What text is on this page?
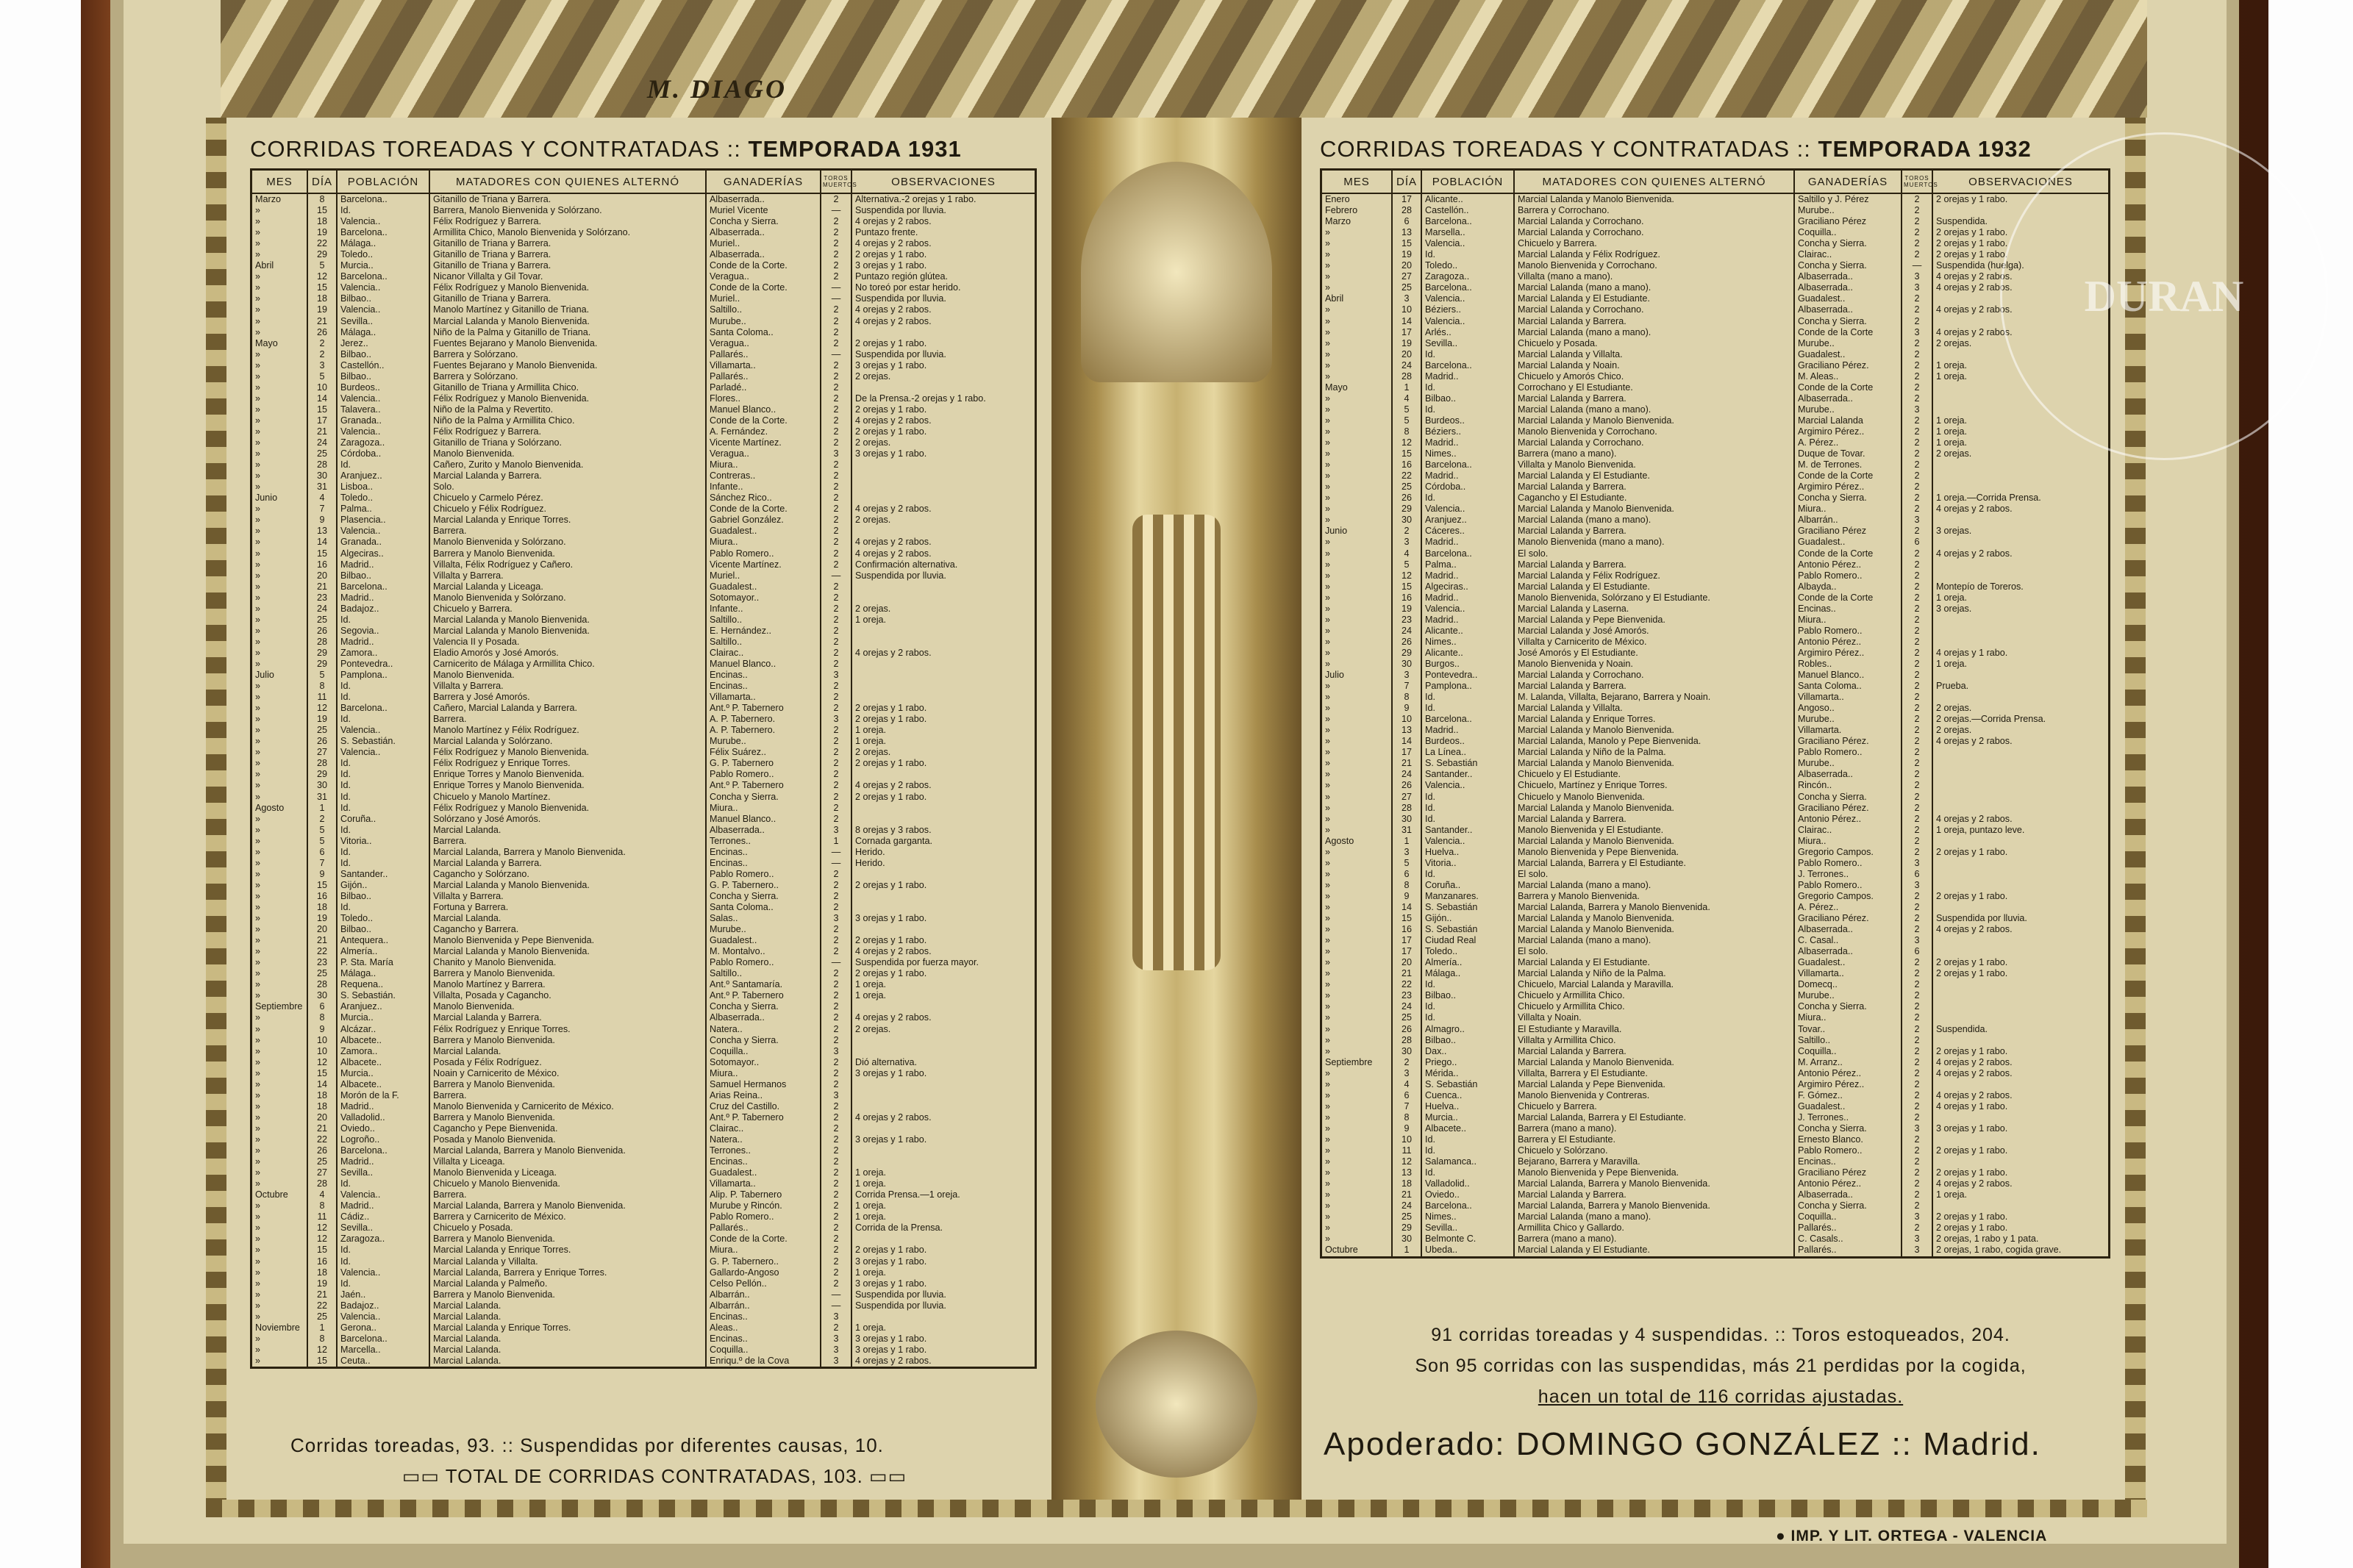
M. DIAGO
CORRIDAS TOREADAS Y CONTRATADAS :: TEMPORADA 1931
MES	DÍA	POBLACIÓN	MATADORES CON QUIENES ALTERNÓ	GANADERÍAS	TOROS MUERTOS	OBSERVACIONES
Marzo	8	Barcelona..	Gitanillo de Triana y Barrera.	Albaserrada..	2	Alternativa.-2 orejas y 1 rabo.
»	15	Id.	Barrera, Manolo Bienvenida y Solórzano.	Muriel Vicente	—	Suspendida por lluvia.
»	18	Valencia..	Félix Rodríguez y Barrera.	Concha y Sierra.	2	4 orejas y 2 rabos.
»	19	Barcelona..	Armillita Chico, Manolo Bienvenida y Solórzano.	Albaserrada..	2	Puntazo frente.
»	22	Málaga..	Gitanillo de Triana y Barrera.	Muriel..	2	4 orejas y 2 rabos.
»	29	Toledo..	Gitanillo de Triana y Barrera.	Albaserrada..	2	2 orejas y 1 rabo.
Abril	5	Murcia..	Gitanillo de Triana y Barrera.	Conde de la Corte.	2	3 orejas y 1 rabo.
»	12	Barcelona..	Nicanor Villalta y Gil Tovar.	Veragua..	2	Puntazo región glútea.
»	15	Valencia..	Félix Rodríguez y Manolo Bienvenida.	Conde de la Corte.	—	No toreó por estar herido.
»	18	Bilbao..	Gitanillo de Triana y Barrera.	Muriel..	—	Suspendida por lluvia.
»	19	Valencia..	Manolo Martínez y Gitanillo de Triana.	Saltillo..	2	4 orejas y 2 rabos.
»	21	Sevilla..	Marcial Lalanda y Manolo Bienvenida.	Murube..	2	4 orejas y 2 rabos.
»	26	Málaga..	Niño de la Palma y Gitanillo de Triana.	Santa Coloma..	2	
Mayo	2	Jerez..	Fuentes Bejarano y Manolo Bienvenida.	Veragua..	2	2 orejas y 1 rabo.
»	2	Bilbao..	Barrera y Solórzano.	Pallarés..	—	Suspendida por lluvia.
»	3	Castellón..	Fuentes Bejarano y Manolo Bienvenida.	Villamarta..	2	3 orejas y 1 rabo.
»	5	Bilbao..	Barrera y Solórzano.	Pallarés..	2	2 orejas.
»	10	Burdeos..	Gitanillo de Triana y Armillita Chico.	Parladé..	2	
»	14	Valencia..	Félix Rodríguez y Manolo Bienvenida.	Flores..	2	De la Prensa.-2 orejas y 1 rabo.
»	15	Talavera..	Niño de la Palma y Revertito.	Manuel Blanco..	2	2 orejas y 1 rabo.
»	17	Granada..	Niño de la Palma y Armillita Chico.	Conde de la Corte.	2	4 orejas y 2 rabos.
»	21	Valencia..	Félix Rodríguez y Barrera.	A. Fernández.	2	2 orejas y 1 rabo.
»	24	Zaragoza..	Gitanillo de Triana y Solórzano.	Vicente Martínez.	2	2 orejas.
»	25	Córdoba..	Manolo Bienvenida.	Veragua..	3	3 orejas y 1 rabo.
»	28	Id.	Cañero, Zurito y Manolo Bienvenida.	Miura..	2	
»	30	Aranjuez..	Marcial Lalanda y Barrera.	Contreras..	2	
»	31	Lisboa..	Solo.	Infante..	2	
Junio	4	Toledo..	Chicuelo y Carmelo Pérez.	Sánchez Rico..	2	
»	7	Palma..	Chicuelo y Félix Rodríguez.	Conde de la Corte.	2	4 orejas y 2 rabos.
»	9	Plasencia..	Marcial Lalanda y Enrique Torres.	Gabriel González.	2	2 orejas.
»	13	Valencia..	Barrera.	Guadalest..	2	
»	14	Granada..	Manolo Bienvenida y Solórzano.	Miura..	2	4 orejas y 2 rabos.
»	15	Algeciras..	Barrera y Manolo Bienvenida.	Pablo Romero..	2	4 orejas y 2 rabos.
»	16	Madrid..	Villalta, Félix Rodríguez y Cañero.	Vicente Martínez.	2	Confirmación alternativa.
»	20	Bilbao..	Villalta y Barrera.	Muriel..	—	Suspendida por lluvia.
»	21	Barcelona..	Marcial Lalanda y Liceaga.	Guadalest..	2	
»	23	Madrid..	Manolo Bienvenida y Solórzano.	Sotomayor..	2	
»	24	Badajoz..	Chicuelo y Barrera.	Infante..	2	2 orejas.
»	25	Id.	Marcial Lalanda y Manolo Bienvenida.	Saltillo..	2	1 oreja.
»	26	Segovia..	Marcial Lalanda y Manolo Bienvenida.	E. Hernández..	2	
»	28	Madrid..	Valencia II y Posada.	Saltillo..	2	
»	29	Zamora..	Eladio Amorós y José Amorós.	Clairac..	2	4 orejas y 2 rabos.
»	29	Pontevedra..	Carnicerito de Málaga y Armillita Chico.	Manuel Blanco..	2	
Julio	5	Pamplona..	Manolo Bienvenida.	Encinas..	3	
»	8	Id.	Villalta y Barrera.	Encinas..	2	
»	11	Id.	Barrera y José Amorós.	Villamarta..	2	
»	12	Barcelona..	Cañero, Marcial Lalanda y Barrera.	Ant.º P. Tabernero	2	2 orejas y 1 rabo.
»	19	Id.	Barrera.	A. P. Tabernero.	3	2 orejas y 1 rabo.
»	25	Valencia..	Manolo Martínez y Félix Rodríguez.	A. P. Tabernero.	2	1 oreja.
»	26	S. Sebastián.	Marcial Lalanda y Solórzano.	Murube..	2	1 oreja.
»	27	Valencia..	Félix Rodríguez y Manolo Bienvenida.	Félix Suárez..	2	2 orejas.
»	28	Id.	Félix Rodríguez y Enrique Torres.	G. P. Tabernero	2	2 orejas y 1 rabo.
»	29	Id.	Enrique Torres y Manolo Bienvenida.	Pablo Romero..	2	
»	30	Id.	Enrique Torres y Manolo Bienvenida.	Ant.º P. Tabernero	2	4 orejas y 2 rabos.
»	31	Id.	Chicuelo y Manolo Martínez.	Concha y Sierra.	2	2 orejas y 1 rabo.
Agosto	1	Id.	Félix Rodríguez y Manolo Bienvenida.	Miura..	2	
»	2	Coruña..	Solórzano y José Amorós.	Manuel Blanco..	2	
»	5	Id.	Marcial Lalanda.	Albaserrada..	3	8 orejas y 3 rabos.
»	5	Vitoria..	Barrera.	Terrones..	1	Cornada garganta.
»	6	Id.	Marcial Lalanda, Barrera y Manolo Bienvenida.	Encinas..	—	Herido.
»	7	Id.	Marcial Lalanda y Barrera.	Encinas..	—	Herido.
»	9	Santander..	Cagancho y Solórzano.	Pablo Romero..	2	
»	15	Gijón..	Marcial Lalanda y Manolo Bienvenida.	G. P. Tabernero..	2	2 orejas y 1 rabo.
»	16	Bilbao..	Villalta y Barrera.	Concha y Sierra.	2	
»	18	Id.	Fortuna y Barrera.	Santa Coloma..	2	
»	19	Toledo..	Marcial Lalanda.	Salas..	3	3 orejas y 1 rabo.
»	20	Bilbao..	Cagancho y Barrera.	Murube..	2	
»	21	Antequera..	Manolo Bienvenida y Pepe Bienvenida.	Guadalest..	2	2 orejas y 1 rabo.
»	22	Almería..	Marcial Lalanda y Manolo Bienvenida.	M. Montalvo..	2	4 orejas y 2 rabos.
»	23	P. Sta. María	Chanito y Manolo Bienvenida.	Pablo Romero..	—	Suspendida por fuerza mayor.
»	25	Málaga..	Barrera y Manolo Bienvenida.	Saltillo..	2	2 orejas y 1 rabo.
»	28	Requena..	Manolo Martínez y Barrera.	Ant.º Santamaría.	2	1 oreja.
»	30	S. Sebastián.	Villalta, Posada y Cagancho.	Ant.º P. Tabernero	2	1 oreja.
Septiembre	6	Aranjuez..	Manolo Bienvenida.	Concha y Sierra.	2	
»	8	Murcia..	Marcial Lalanda y Barrera.	Albaserrada..	2	4 orejas y 2 rabos.
»	9	Alcázar..	Félix Rodríguez y Enrique Torres.	Natera..	2	2 orejas.
»	10	Albacete..	Barrera y Manolo Bienvenida.	Concha y Sierra.	2	
»	10	Zamora..	Marcial Lalanda.	Coquilla..	3	
»	12	Albacete..	Posada y Félix Rodríguez.	Sotomayor..	2	Dió alternativa.
»	15	Murcia..	Noain y Carnicerito de México.	Miura..	2	3 orejas y 1 rabo.
»	14	Albacete..	Barrera y Manolo Bienvenida.	Samuel Hermanos	2	
»	18	Morón de la F.	Barrera.	Arias Reina..	3	
»	18	Madrid..	Manolo Bienvenida y Carnicerito de México.	Cruz del Castillo.	2	
»	20	Valladolid..	Barrera y Manolo Bienvenida.	Ant.º P. Tabernero	2	4 orejas y 2 rabos.
»	21	Oviedo..	Cagancho y Pepe Bienvenida.	Clairac..	2	
»	22	Logroño..	Posada y Manolo Bienvenida.	Natera..	2	3 orejas y 1 rabo.
»	26	Barcelona..	Marcial Lalanda, Barrera y Manolo Bienvenida.	Terrones..	2	
»	25	Madrid..	Villalta y Liceaga.	Encinas..	2	
»	27	Sevilla..	Manolo Bienvenida y Liceaga.	Guadalest..	2	1 oreja.
»	28	Id.	Chicuelo y Manolo Bienvenida.	Villamarta..	2	1 oreja.
Octubre	4	Valencia..	Barrera.	Alip. P. Tabernero	2	Corrida Prensa.—1 oreja.
»	8	Madrid..	Marcial Lalanda, Barrera y Manolo Bienvenida.	Murube y Rincón.	2	1 oreja.
»	11	Cádiz..	Barrera y Carnicerito de México.	Pablo Romero..	2	1 oreja.
»	12	Sevilla..	Chicuelo y Posada.	Pallarés..	2	Corrida de la Prensa.
»	12	Zaragoza..	Barrera y Manolo Bienvenida.	Conde de la Corte.	2	
»	15	Id.	Marcial Lalanda y Enrique Torres.	Miura..	2	2 orejas y 1 rabo.
»	16	Id.	Marcial Lalanda y Villalta.	G. P. Tabernero..	2	3 orejas y 1 rabo.
»	18	Valencia..	Marcial Lalanda, Barrera y Enrique Torres.	Gallardo-Angoso	2	1 oreja.
»	19	Id.	Marcial Lalanda y Palmeño.	Celso Pellón..	2	3 orejas y 1 rabo.
»	21	Jaén..	Barrera y Manolo Bienvenida.	Albarrán..	—	Suspendida por lluvia.
»	22	Badajoz..	Marcial Lalanda.	Albarrán..	—	Suspendida por lluvia.
»	25	Valencia..	Marcial Lalanda.	Encinas..	3	
Noviembre	1	Gerona..	Marcial Lalanda y Enrique Torres.	Aleas..	2	1 oreja.
»	8	Barcelona..	Marcial Lalanda.	Encinas..	3	3 orejas y 1 rabo.
»	12	Marcella..	Marcial Lalanda.	Coquilla..	3	3 orejas y 1 rabo.
»	15	Ceuta..	Marcial Lalanda.	Enriqu.º de la Cova	3	4 orejas y 2 rabos.
Corridas toreadas, 93. :: Suspendidas por diferentes causas, 10.
▭▭ TOTAL DE CORRIDAS CONTRATADAS, 103. ▭▭
CORRIDAS TOREADAS Y CONTRATADAS :: TEMPORADA 1932
MES	DÍA	POBLACIÓN	MATADORES CON QUIENES ALTERNÓ	GANADERÍAS	TOROS MUERTOS	OBSERVACIONES
Enero	17	Alicante..	Marcial Lalanda y Manolo Bienvenida.	Saltillo y J. Pérez	2	2 orejas y 1 rabo.
Febrero	28	Castellón..	Barrera y Corrochano.	Murube..	2	
Marzo	6	Barcelona..	Marcial Lalanda y Corrochano.	Graciliano Pérez	2	Suspendida.
»	13	Marsella..	Marcial Lalanda y Corrochano.	Coquilla..	2	2 orejas y 1 rabo.
»	15	Valencia..	Chicuelo y Barrera.	Concha y Sierra.	2	2 orejas y 1 rabo.
»	19	Id.	Marcial Lalanda y Félix Rodríguez.	Clairac..	2	2 orejas y 1 rabo.
»	20	Toledo..	Manolo Bienvenida y Corrochano.	Concha y Sierra.	—	Suspendida (huelga).
»	27	Zaragoza..	Villalta (mano a mano).	Albaserrada..	3	4 orejas y 2 rabos.
»	25	Barcelona..	Marcial Lalanda (mano a mano).	Albaserrada..	3	4 orejas y 2 rabos.
Abril	3	Valencia..	Marcial Lalanda y El Estudiante.	Guadalest..	2	
»	10	Béziers..	Marcial Lalanda y Corrochano.	Albaserrada..	2	4 orejas y 2 rabos.
»	14	Valencia..	Marcial Lalanda y Barrera.	Concha y Sierra.	2	
»	17	Arlés..	Marcial Lalanda (mano a mano).	Conde de la Corte	3	4 orejas y 2 rabos.
»	19	Sevilla..	Chicuelo y Posada.	Murube..	2	2 orejas.
»	20	Id.	Marcial Lalanda y Villalta.	Guadalest..	2	
»	24	Barcelona..	Marcial Lalanda y Noain.	Graciliano Pérez.	2	1 oreja.
»	28	Madrid..	Chicuelo y Amorós Chico.	M. Aleas..	2	1 oreja.
Mayo	1	Id.	Corrochano y El Estudiante.	Conde de la Corte	2	
»	4	Bilbao..	Marcial Lalanda y Barrera.	Albaserrada..	2	
»	5	Id.	Marcial Lalanda (mano a mano).	Murube..	3	
»	5	Burdeos..	Marcial Lalanda y Manolo Bienvenida.	Marcial Lalanda	2	1 oreja.
»	8	Béziers..	Manolo Bienvenida y Corrochano.	Argimiro Pérez..	2	1 oreja.
»	12	Madrid..	Marcial Lalanda y Corrochano.	A. Pérez..	2	1 oreja.
»	15	Nimes..	Barrera (mano a mano).	Duque de Tovar.	2	2 orejas.
»	16	Barcelona..	Villalta y Manolo Bienvenida.	M. de Terrones.	2	
»	22	Madrid..	Marcial Lalanda y El Estudiante.	Conde de la Corte	2	
»	25	Córdoba..	Marcial Lalanda y Barrera.	Argimiro Pérez..	2	
»	26	Id.	Cagancho y El Estudiante.	Concha y Sierra.	2	1 oreja.—Corrida Prensa.
»	29	Valencia..	Marcial Lalanda y Manolo Bienvenida.	Miura..	2	4 orejas y 2 rabos.
»	30	Aranjuez..	Marcial Lalanda (mano a mano).	Albarrán..	3	
Junio	2	Cáceres..	Marcial Lalanda y Barrera.	Graciliano Pérez	2	3 orejas.
»	3	Madrid..	Manolo Bienvenida (mano a mano).	Guadalest..	6	
»	4	Barcelona..	El solo.	Conde de la Corte	2	4 orejas y 2 rabos.
»	5	Palma..	Marcial Lalanda y Barrera.	Antonio Pérez..	2	
»	12	Madrid..	Marcial Lalanda y Félix Rodríguez.	Pablo Romero..	2	
»	15	Algeciras..	Marcial Lalanda y El Estudiante.	Albayda..	2	Montepío de Toreros.
»	16	Madrid..	Manolo Bienvenida, Solórzano y El Estudiante.	Conde de la Corte	2	1 oreja.
»	19	Valencia..	Marcial Lalanda y Laserna.	Encinas..	2	3 orejas.
»	23	Madrid..	Marcial Lalanda y Pepe Bienvenida.	Miura..	2	
»	24	Alicante..	Marcial Lalanda y José Amorós.	Pablo Romero..	2	
»	26	Nimes..	Villalta y Carnicerito de México.	Antonio Pérez..	2	
»	29	Alicante..	José Amorós y El Estudiante.	Argimiro Pérez..	2	4 orejas y 1 rabo.
»	30	Burgos..	Manolo Bienvenida y Noain.	Robles..	2	1 oreja.
Julio	3	Pontevedra..	Marcial Lalanda y Corrochano.	Manuel Blanco..	2	
»	7	Pamplona..	Marcial Lalanda y Barrera.	Santa Coloma..	2	Prueba.
»	8	Id.	M. Lalanda, Villalta, Bejarano, Barrera y Noain.	Villamarta..	2	
»	9	Id.	Marcial Lalanda y Villalta.	Angoso..	2	2 orejas.
»	10	Barcelona..	Marcial Lalanda y Enrique Torres.	Murube..	2	2 orejas.—Corrida Prensa.
»	13	Madrid..	Marcial Lalanda y Manolo Bienvenida.	Villamarta.	2	2 orejas.
»	14	Burdeos..	Marcial Lalanda, Manolo y Pepe Bienvenida.	Graciliano Pérez.	2	4 orejas y 2 rabos.
»	17	La Línea..	Marcial Lalanda y Niño de la Palma.	Pablo Romero..	2	
»	21	S. Sebastián	Marcial Lalanda y Manolo Bienvenida.	Murube..	2	
»	24	Santander..	Chicuelo y El Estudiante.	Albaserrada..	2	
»	26	Valencia..	Chicuelo, Martínez y Enrique Torres.	Rincón..	2	
»	27	Id.	Chicuelo y Manolo Bienvenida.	Concha y Sierra.	2	
»	28	Id.	Marcial Lalanda y Manolo Bienvenida.	Graciliano Pérez.	2	
»	30	Id.	Marcial Lalanda y Barrera.	Antonio Pérez..	2	4 orejas y 2 rabos.
»	31	Santander..	Manolo Bienvenida y El Estudiante.	Clairac..	2	1 oreja, puntazo leve.
Agosto	1	Valencia..	Marcial Lalanda y Manolo Bienvenida.	Miura..	2	
»	3	Huelva..	Manolo Bienvenida y Pepe Bienvenida.	Gregorio Campos.	2	2 orejas y 1 rabo.
»	5	Vitoria..	Marcial Lalanda, Barrera y El Estudiante.	Pablo Romero..	3	
»	6	Id.	El solo.	J. Terrones..	6	
»	8	Coruña..	Marcial Lalanda (mano a mano).	Pablo Romero..	3	
»	9	Manzanares.	Barrera y Manolo Bienvenida.	Gregorio Campos.	2	2 orejas y 1 rabo.
»	14	S. Sebastián	Marcial Lalanda, Barrera y Manolo Bienvenida.	A. Pérez..	2	
»	15	Gijón..	Marcial Lalanda y Manolo Bienvenida.	Graciliano Pérez.	2	Suspendida por lluvia.
»	16	S. Sebastián	Marcial Lalanda y Manolo Bienvenida.	Albaserrada..	2	4 orejas y 2 rabos.
»	17	Ciudad Real	Marcial Lalanda (mano a mano).	C. Casal..	3	
»	17	Toledo..	El solo.	Albaserrada..	6	
»	20	Almería..	Marcial Lalanda y El Estudiante.	Guadalest..	2	2 orejas y 1 rabo.
»	21	Málaga..	Marcial Lalanda y Niño de la Palma.	Villamarta..	2	2 orejas y 1 rabo.
»	22	Id.	Chicuelo, Marcial Lalanda y Maravilla.	Domecq..	2	
»	23	Bilbao..	Chicuelo y Armillita Chico.	Murube..	2	
»	24	Id.	Chicuelo y Armillita Chico.	Concha y Sierra.	2	
»	25	Id.	Villalta y Noain.	Miura..	2	
»	26	Almagro..	El Estudiante y Maravilla.	Tovar..	2	Suspendida.
»	28	Bilbao..	Villalta y Armillita Chico.	Saltillo..	2	
»	30	Dax..	Marcial Lalanda y Barrera.	Coquilla..	2	2 orejas y 1 rabo.
Septiembre	2	Priego..	Marcial Lalanda y Manolo Bienvenida.	M. Arranz..	2	4 orejas y 2 rabos.
»	3	Mérida..	Villalta, Barrera y El Estudiante.	Antonio Pérez..	2	4 orejas y 2 rabos.
»	4	S. Sebastián	Marcial Lalanda y Pepe Bienvenida.	Argimiro Pérez..	2	
»	6	Cuenca..	Manolo Bienvenida y Contreras.	F. Gómez..	2	4 orejas y 2 rabos.
»	7	Huelva..	Chicuelo y Barrera.	Guadalest..	2	4 orejas y 1 rabo.
»	8	Murcia..	Marcial Lalanda, Barrera y El Estudiante.	J. Terrones..	2	
»	9	Albacete..	Barrera (mano a mano).	Concha y Sierra.	3	3 orejas y 1 rabo.
»	10	Id.	Barrera y El Estudiante.	Ernesto Blanco.	2	
»	11	Id.	Chicuelo y Solórzano.	Pablo Romero..	2	2 orejas y 1 rabo.
»	12	Salamanca..	Bejarano, Barrera y Maravilla.	Encinas..	2	
»	13	Id.	Manolo Bienvenida y Pepe Bienvenida.	Graciliano Pérez	2	2 orejas y 1 rabo.
»	18	Valladolid..	Marcial Lalanda, Barrera y Manolo Bienvenida.	Antonio Pérez..	2	4 orejas y 2 rabos.
»	21	Oviedo..	Marcial Lalanda y Barrera.	Albaserrada..	2	1 oreja.
»	24	Barcelona..	Marcial Lalanda, Barrera y Manolo Bienvenida.	Concha y Sierra.	2	
»	25	Nimes..	Marcial Lalanda (mano a mano).	Coquilla..	3	2 orejas y 1 rabo.
»	29	Sevilla..	Armillita Chico y Gallardo.	Pallarés..	2	2 orejas y 1 rabo.
»	30	Belmonte C.	Barrera (mano a mano).	C. Casals..	3	2 orejas, 1 rabo y 1 pata.
Octubre	1	Ubeda..	Marcial Lalanda y El Estudiante.	Pallarés..	3	2 orejas, 1 rabo, cogida grave.
91 corridas toreadas y 4 suspendidas. :: Toros estoqueados, 204.
Son 95 corridas con las suspendidas, más 21 perdidas por la cogida,
hacen un total de 116 corridas ajustadas.
Apoderado: DOMINGO GONZÁLEZ :: Madrid.
● IMP. Y LIT. ORTEGA - VALENCIA
DURAN
